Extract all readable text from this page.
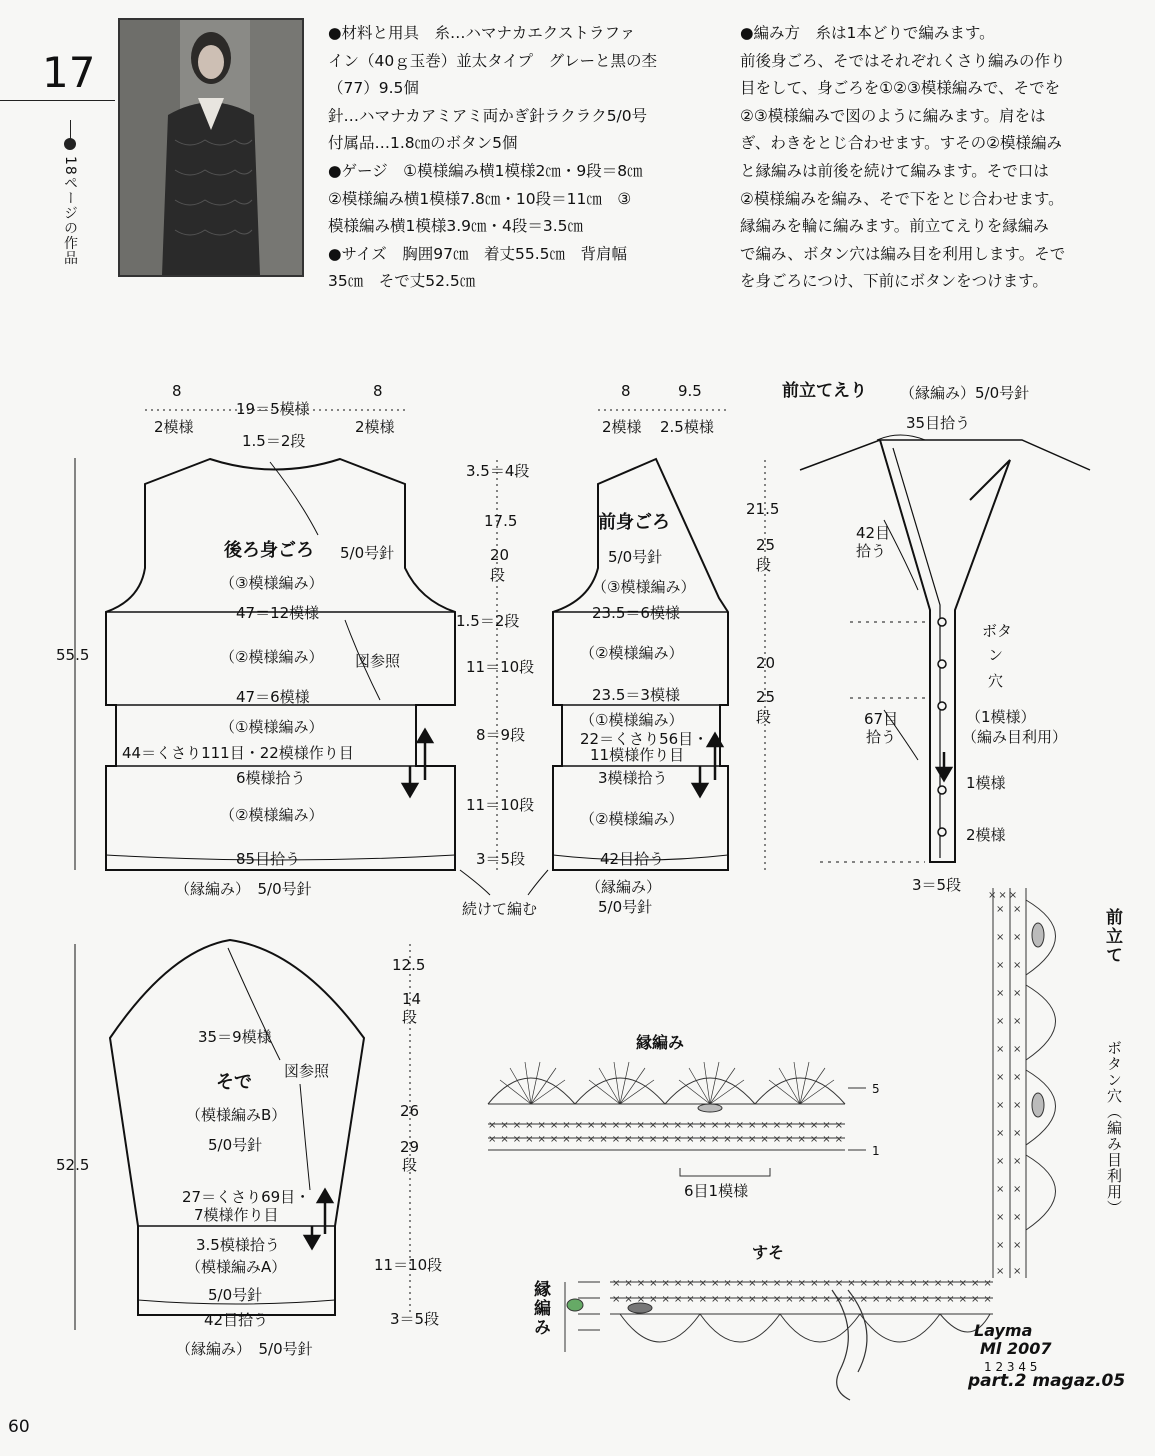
17
18ページの作品
●材料と用具　糸…ハマナカエクストラファ
イン（40ｇ玉巻）並太タイプ　グレーと黒の杢
（77）9.5個
針…ハマナカアミアミ両かぎ針ラクラク5/0号
付属品…1.8㎝のボタン5個
●ゲージ　①模様編み横1模様2㎝・9段＝8㎝
②模様編み横1模様7.8㎝・10段＝11㎝　③
模様編み横1模様3.9㎝・4段＝3.5㎝
●サイズ　胸囲97㎝　着丈55.5㎝　背肩幅
35㎝　そで丈52.5㎝
●編み方　糸は1本どりで編みます。
前後身ごろ、そではそれぞれくさり編みの作り
目をして、身ごろを①②③模様編みで、そでを
②③模様編みで図のように編みます。肩をは
ぎ、わきをとじ合わせます。すその②模様編み
と縁編みは前後を続けて編みます。そで口は
②模様編みを編み、そで下をとじ合わせます。
縁編みを輪に編みます。前立てえりを縁編み
で編み、ボタン穴は編み目を利用します。そで
を身ごろにつけ、下前にボタンをつけます。
×××××××××××××××××××××××××××××
×××××××××××××××××××××××××××××
×××××××××××××××××××××××××××××××
×××××××××××××××××××××××××××××××
×××
× ×
× ×
× ×
× ×
× ×
× ×
× ×
× ×
× ×
× ×
× ×
× ×
× ×
× ×
8
2模様
19＝5模様
8
2模様
1.5＝2段
後ろ身ごろ 5/0号針
（③模様編み）
47＝12模様
（②模様編み） 図参照
47＝6模様
（①模様編み）
44＝くさり111目・22模様作り目
6模様拾う
（②模様編み）
85目拾う
（縁編み）　5/0号針
55.5
3.5＝4段
17.5
20
段
1.5＝2段
11＝10段
8＝9段
11＝10段
3＝5段
続けて編む
8
2模様
9.5
2.5模様
前身ごろ
5/0号針
（③模様編み）
23.5＝6模様
（②模様編み）
23.5＝3模様
（①模様編み）
22＝くさり56目・
11模様作り目
3模様拾う
（②模様編み）
42目拾う
（縁編み）
5/0号針
21.5
25
段
20
25
段
前立てえり （縁編み）5/0号針
35目拾う
42目
拾う
67目
拾う
ボタ
ン
穴
（1模様）
（編み目利用）
1模様
2模様
3＝5段
35＝9模様
図参照
そで
（模様編みB）
5/0号針
27＝くさり69目・
7模様作り目
3.5模様拾う
（模様編みA）
5/0号針
42目拾う
（縁編み）　5/0号針
52.5
12.5
14
段
26
29
段
11＝10段
3＝5段
縁編み
5
1
6目1模様
すそ
縁編み
前立て
ボタン穴（編み目利用）
1 2 3 4 5
Layma
Ml 2007
part.2 magaz.05
60
